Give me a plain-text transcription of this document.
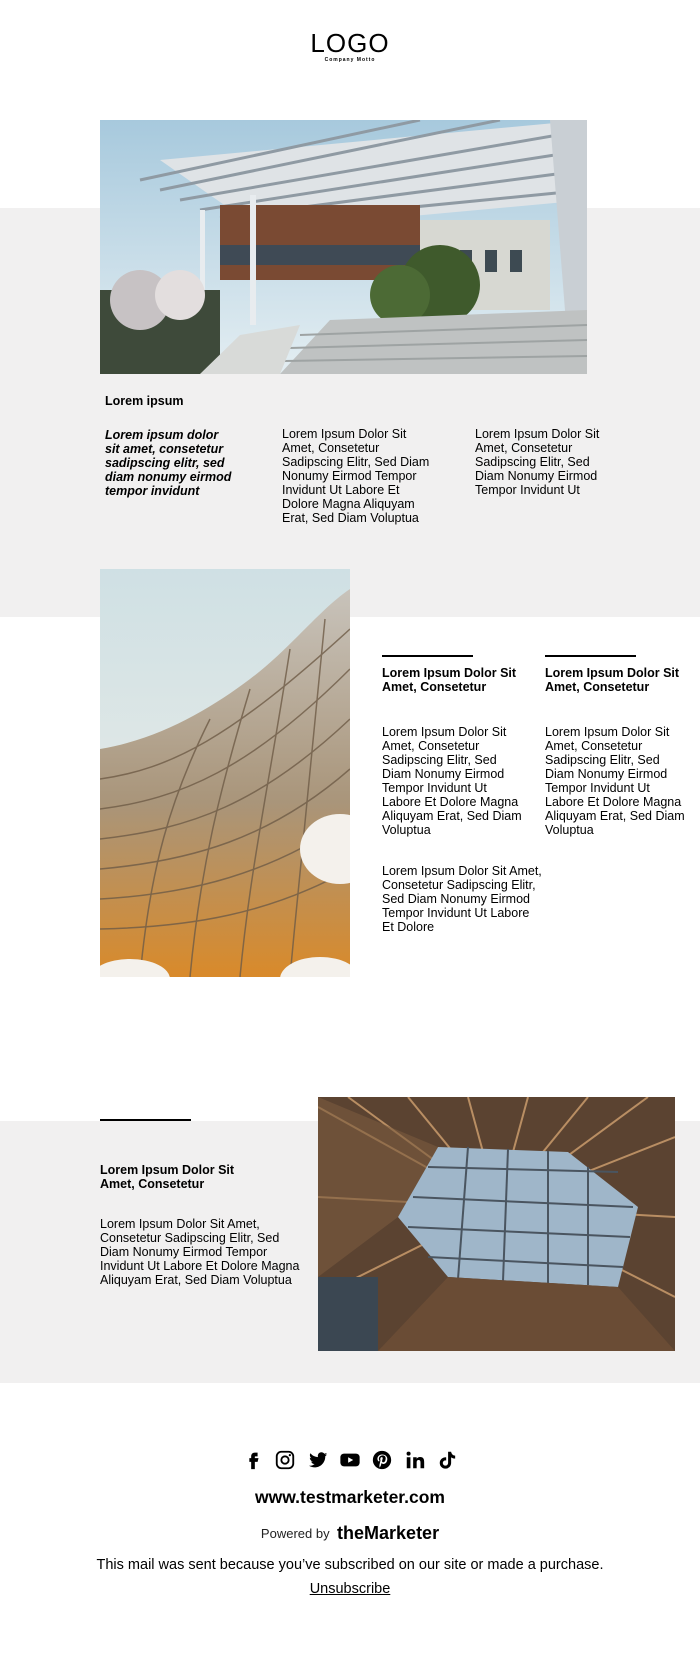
LOGO
Company Motto
Lorem ipsum
Lorem ipsum dolor sit amet, consetetur sadipscing elitr, sed diam nonumy eirmod tempor invidunt
Lorem Ipsum Dolor Sit Amet, Consetetur Sadipscing Elitr, Sed Diam Nonumy Eirmod Tempor Invidunt Ut Labore Et Dolore Magna Aliquyam Erat, Sed Diam Voluptua
Lorem Ipsum Dolor Sit Amet, Consetetur Sadipscing Elitr, Sed Diam Nonumy Eirmod Tempor Invidunt Ut
Lorem Ipsum Dolor Sit Amet, Consetetur
Lorem Ipsum Dolor Sit Amet, Consetetur Sadipscing Elitr, Sed Diam Nonumy Eirmod Tempor Invidunt Ut Labore Et Dolore Magna Aliquyam Erat, Sed Diam Voluptua
Lorem Ipsum Dolor Sit Amet, Consetetur Sadipscing Elitr, Sed Diam Nonumy Eirmod Tempor Invidunt Ut Labore Et Dolore
Lorem Ipsum Dolor Sit Amet, Consetetur
Lorem Ipsum Dolor Sit Amet, Consetetur Sadipscing Elitr, Sed Diam Nonumy Eirmod Tempor Invidunt Ut Labore Et Dolore Magna Aliquyam Erat, Sed Diam Voluptua
Lorem Ipsum Dolor Sit Amet, Consetetur
Lorem Ipsum Dolor Sit Amet, Consetetur Sadipscing Elitr, Sed Diam Nonumy Eirmod Tempor Invidunt Ut Labore Et Dolore Magna Aliquyam Erat, Sed Diam Voluptua

www.testmarketer.com
Powered by theMarketer
This mail was sent because you’ve subscribed on our site or made a purchase.
Unsubscribe
